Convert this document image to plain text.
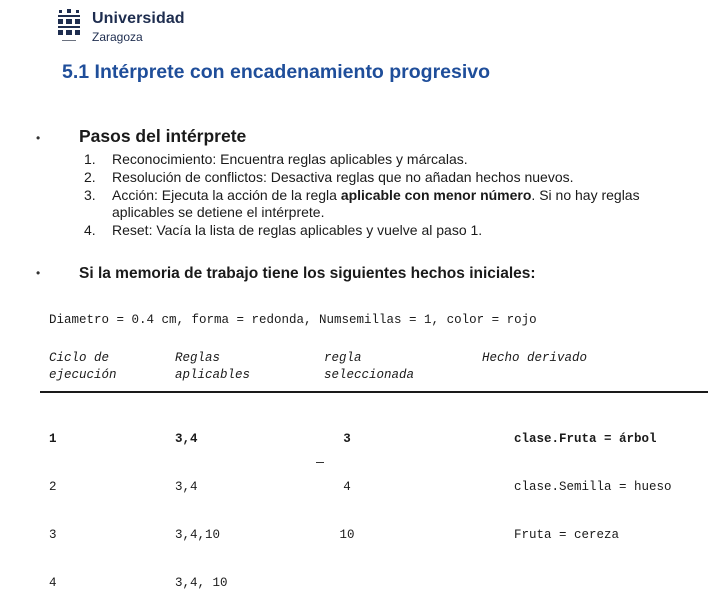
Universidad
Zaragoza
5.1 Intérprete con encadenamiento progresivo
• Pasos del intérprete
1. Reconocimiento: Encuentra reglas aplicables y márcalas.
2. Resolución de conflictos: Desactiva reglas que no añadan hechos nuevos.
3. Acción: Ejecuta la acción de la regla aplicable con menor número. Si no hay reglas aplicables se detiene el intérprete.
4. Reset: Vacía la lista de reglas aplicables y vuelve al paso 1.
•	Si la memoria de trabajo tiene los siguientes hechos iniciales:
Diametro = 0.4 cm, forma = redonda, Numsemillas = 1, color = rojo
Ciclo de ejecución
Reglas aplicables
regla seleccionada
Hecho derivado

1

2

3

4

3,4

3,4

3,4,10

3,4, 10

3

4

10

clase.Fruta = árbol

clase.Semilla = hueso

Fruta = cereza
